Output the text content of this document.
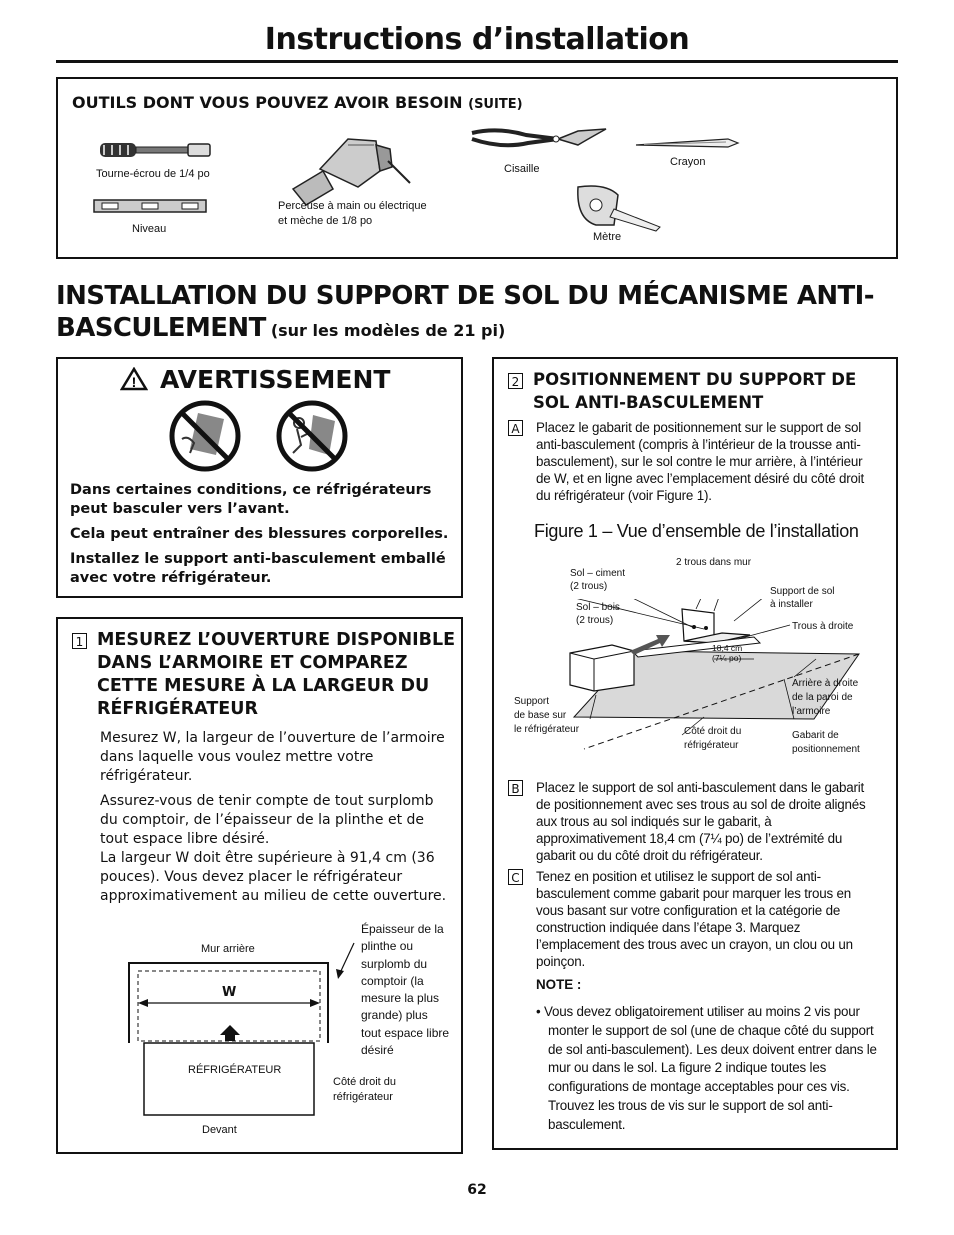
Instructions d’installation
OUTILS DONT VOUS POUVEZ AVOIR BESOIN (SUITE)
Tourne-écrou de 1/4 po
Perceuse à main ou électrique
et mèche de 1/8 po
Cisaille
Crayon
Niveau
Mètre
INSTALLATION DU SUPPORT DE SOL DU MÉCANISME ANTI-
BASCULEMENT (sur les modèles de 21 pi)
! AVERTISSEMENT
Dans certaines conditions, ce réfrigérateurs peut basculer vers l’avant.
Cela peut entraîner des blessures corporelles.
Installez le support anti-basculement emballé avec votre réfrigérateur.
1 MESUREZ L’OUVERTURE DISPONIBLE DANS L’ARMOIRE ET COMPAREZ CETTE MESURE À LA LARGEUR DU RÉFRIGÉRATEUR
Mesurez W, la largeur de l’ouverture de l’armoire dans laquelle vous voulez mettre votre réfrigérateur.
Assurez-vous de tenir compte de tout surplomb du comptoir, de l’épaisseur de la plinthe et de tout espace libre désiré.
La largeur W doit être supérieure à 91,4 cm (36 pouces). Vous devez placer le réfrigérateur approximativement au milieu de cette ouverture.
Mur arrière
W
RÉFRIGÉRATEUR
Devant
Côté droit du
réfrigérateur
Épaisseur de la
plinthe ou
surplomb du
comptoir (la
mesure la plus
grande) plus
tout espace libre
désiré
2 POSITIONNEMENT DU SUPPORT DE SOL ANTI-BASCULEMENT
A Placez le gabarit de positionnement sur le support de sol anti-basculement (compris à l’intérieur de la trousse anti-basculement), sur le sol contre le mur arrière, à l’intérieur de W, et en ligne avec l’emplacement désiré du côté droit du réfrigérateur (voir Figure 1).
Figure 1 – Vue d’ensemble de l’installation
Sol – ciment
(2 trous)
Sol – bois
(2 trous)
2 trous dans mur
Support de sol
à installer
Trous à droite
18,4 cm
(7¼ po)
Arrière à droite
de la paroi de
l’armoire
Support
de base sur
le réfrigérateur	Côté droit du
réfrigérateur
Gabarit de
positionnement
B Placez le support de sol anti-basculement dans le gabarit de positionnement avec ses trous au sol de droite alignés aux trous au sol indiqués sur le gabarit, à approximativement 18,4 cm (7¼ po) de l’extrémité du gabarit ou du côté droit du réfrigérateur.
C Tenez en position et utilisez le support de sol anti-basculement comme gabarit pour marquer les trous en vous basant sur votre configuration et la catégorie de construction indiquée dans l’étape 3. Marquez l’emplacement des trous avec un crayon, un clou ou un poinçon.
NOTE :
• Vous devez obligatoirement utiliser au moins 2 vis pour monter le support de sol (une de chaque côté du support de sol anti-basculement). Les deux doivent entrer dans le mur ou dans le sol. La figure 2 indique toutes les configurations de montage acceptables pour ces vis. Trouvez les trous de vis sur le support de sol anti-basculement.
62
